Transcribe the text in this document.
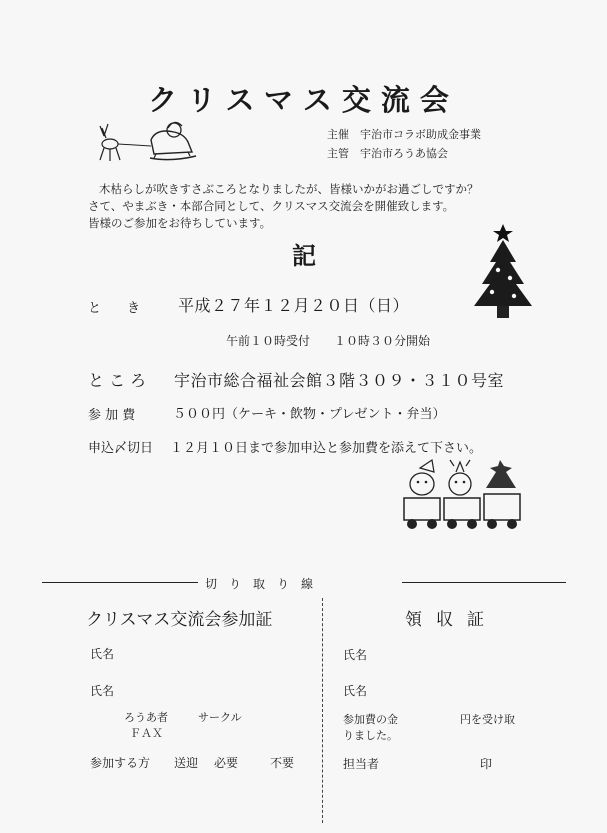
クリスマス交流会
主催　宇治市コラボ助成金事業
主管　宇治市ろうあ協会
木枯らしが吹きすさぶころとなりましたが、皆様いかがお過ごしですか？
さて、やまぶき・本部合同として、クリスマス交流会を開催致します。
皆様のご参加をお待ちしています。
記
と　　き 平成２７年１２月２０日（日）
午前１０時受付　　１０時３０分開始
と こ ろ 宇治市総合福祉会館３階３０９・３１０号室
参 加 費	５００円（ケーキ・飲物・プレゼント・弁当）
申込〆切日 １２月１０日まで参加申込と参加費を添えて下さい。
切り取り線
クリスマス交流会参加証
氏名
氏名
ろうあ者	サークル
ＦＡＸ
参加する方 送迎 必要	不要
領収証
氏名
氏名
参加費の金	円を受け取
りました。
担当者	印
